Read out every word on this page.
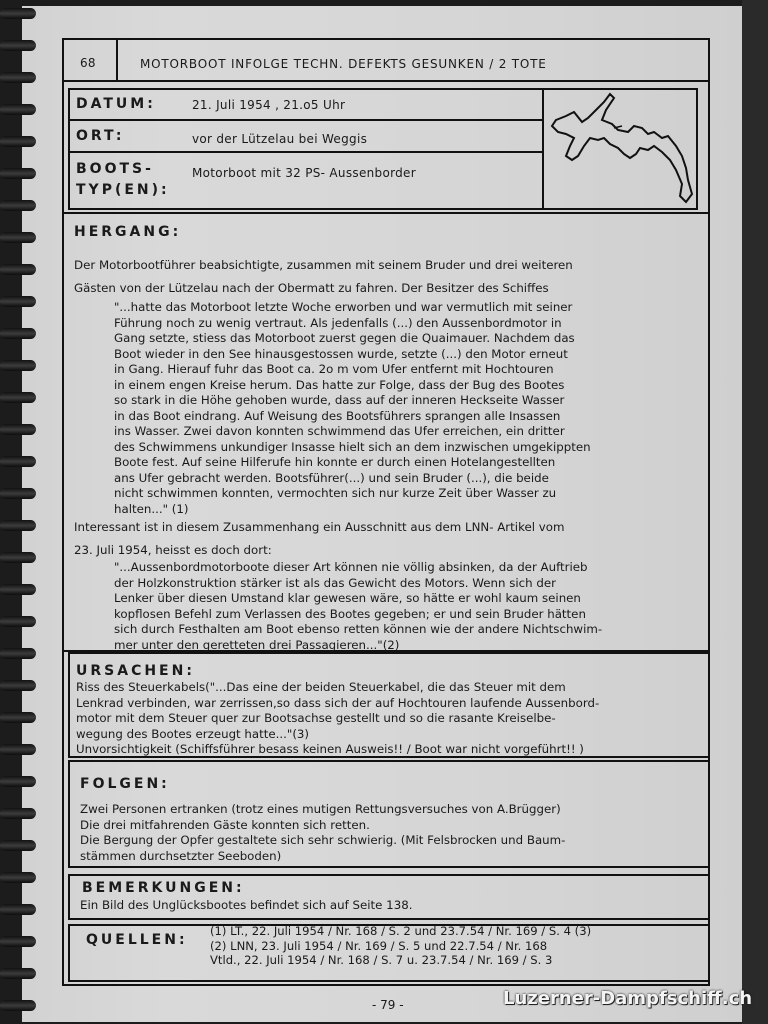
68	MOTORBOOT INFOLGE TECHN. DEFEKTS GESUNKEN / 2 TOTE
DATUM:	21. Juli 1954 , 21.o5 Uhr
ORT:	vor der Lützelau bei Weggis
BOOTS-
TYP(EN):
Motorboot mit 32 PS- Aussenborder
HERGANG:
Der Motorbootführer beabsichtigte, zusammen mit seinem Bruder und drei weiteren
Gästen von der Lützelau nach der Obermatt zu fahren. Der Besitzer des Schiffes
"...hatte das Motorboot letzte Woche erworben und war vermutlich mit seiner
Führung noch zu wenig vertraut. Als jedenfalls (...) den Aussenbordmotor in
Gang setzte, stiess das Motorboot zuerst gegen die Quaimauer. Nachdem das
Boot wieder in den See hinausgestossen wurde, setzte (...) den Motor erneut
in Gang. Hierauf fuhr das Boot ca. 2o m vom Ufer entfernt mit Hochtouren
in einem engen Kreise herum. Das hatte zur Folge, dass der Bug des Bootes
so stark in die Höhe gehoben wurde, dass auf der inneren Heckseite Wasser
in das Boot eindrang. Auf Weisung des Bootsführers sprangen alle Insassen
ins Wasser. Zwei davon konnten schwimmend das Ufer erreichen, ein dritter
des Schwimmens unkundiger Insasse hielt sich an dem inzwischen umgekippten
Boote fest. Auf seine Hilferufe hin konnte er durch einen Hotelangestellten
ans Ufer gebracht werden. Bootsführer(...) und sein Bruder (...), die beide
nicht schwimmen konnten, vermochten sich nur kurze Zeit über Wasser zu
halten..." (1)
Interessant ist in diesem Zusammenhang ein Ausschnitt aus dem LNN- Artikel vom
23. Juli 1954, heisst es doch dort:
"...Aussenbordmotorboote dieser Art können nie völlig absinken, da der Auftrieb
der Holzkonstruktion stärker ist als das Gewicht des Motors. Wenn sich der
Lenker über diesen Umstand klar gewesen wäre, so hätte er wohl kaum seinen
kopflosen Befehl zum Verlassen des Bootes gegeben; er und sein Bruder hätten
sich durch Festhalten am Boot ebenso retten können wie der andere Nichtschwim-
mer unter den geretteten drei Passagieren..."(2)
URSACHEN:
Riss des Steuerkabels("...Das eine der beiden Steuerkabel, die das Steuer mit dem
Lenkrad verbinden, war zerrissen,so dass sich der auf Hochtouren laufende Aussenbord-
motor mit dem Steuer quer zur Bootsachse gestellt und so die rasante Kreiselbe-
wegung des Bootes erzeugt hatte..."(3)
Unvorsichtigkeit (Schiffsführer besass keinen Ausweis!! / Boot war nicht vorgeführt!! )
FOLGEN:
Zwei Personen ertranken (trotz eines mutigen Rettungsversuches von A.Brügger)
Die drei mitfahrenden Gäste konnten sich retten.
Die Bergung der Opfer gestaltete sich sehr schwierig. (Mit Felsbrocken und Baum-
stämmen durchsetzter Seeboden)
BEMERKUNGEN:
Ein Bild des Unglücksbootes befindet sich auf Seite 138.
QUELLEN:
(1) LT., 22. Juli 1954 / Nr. 168 / S. 2 und 23.7.54 / Nr. 169 / S. 4 (3)
(2) LNN, 23. Juli 1954 / Nr. 169 / S. 5 und 22.7.54 / Nr. 168
Vtld., 22. Juli 1954 / Nr. 168 / S. 7 u. 23.7.54 / Nr. 169 / S. 3
- 79 -	Luzerner-Dampfschiff.ch
